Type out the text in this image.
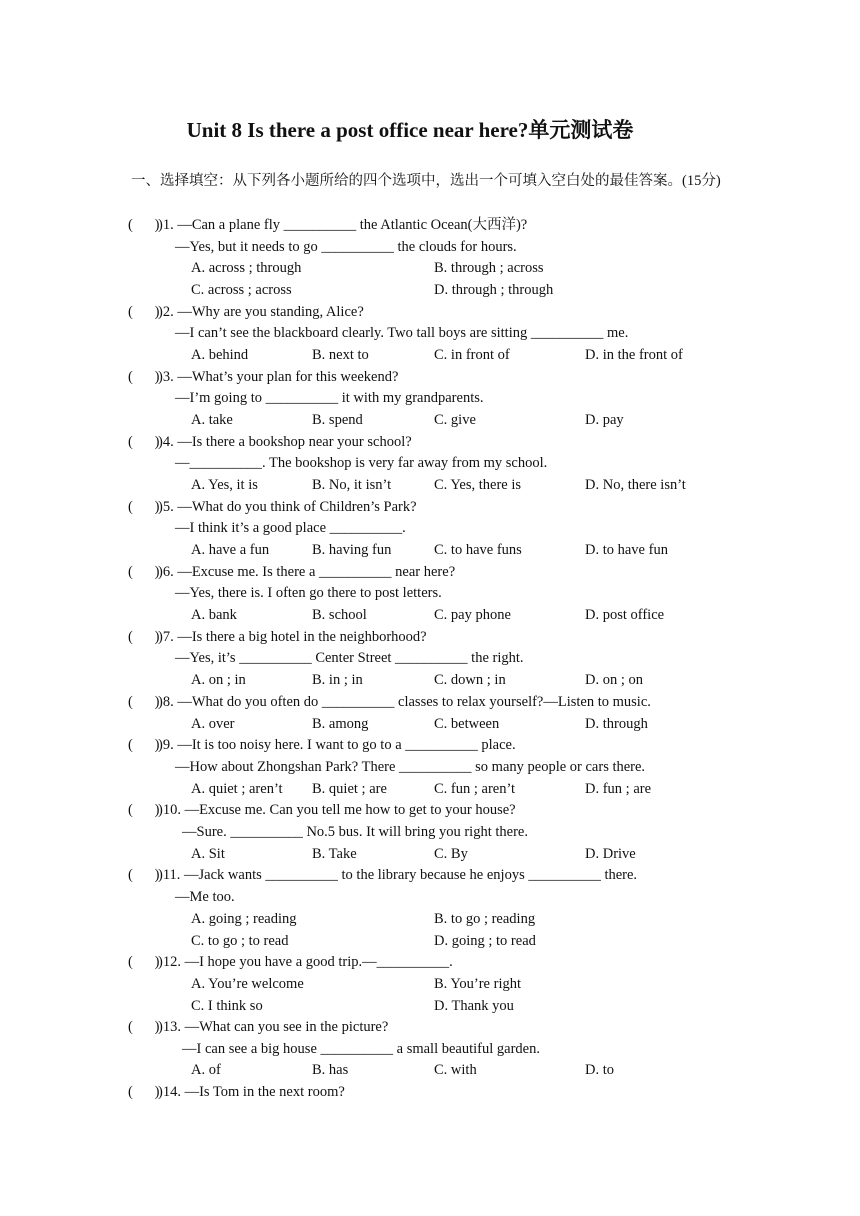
Unit 8 Is there a post office near here?单元测试卷
一、选择填空：从下列各小题所给的四个选项中，选出一个可填入空白处的最佳答案。(15分)
(      )
)1. —Can a plane fly __________ the Atlantic Ocean(大西洋)?
—Yes, but it needs to go __________ the clouds for hours.
A. across ; through	B. through ; across
C. across ; across	D. through ; through
(      )
)2. —Why are you standing, Alice?
—I can’t see the blackboard clearly. Two tall boys are sitting __________ me.
A. behind	B. next to	C. in front of	D. in the front of
(      )
)3. —What’s your plan for this weekend?
—I’m going to __________ it with my grandparents.
A. take	B. spend	C. give	D. pay
(      )
)4. —Is there a bookshop near your school?
—__________. The bookshop is very far away from my school.
A. Yes, it is	B. No, it isn’t	C. Yes, there is	D. No, there isn’t
(      )
)5. —What do you think of Children’s Park?
—I think it’s a good place __________.
A. have a fun	B. having fun	C. to have funs	D. to have fun
(      )
)6. —Excuse me. Is there a __________ near here?
—Yes, there is. I often go there to post letters.
A. bank	B. school	C. pay phone	D. post office
(      )
)7. —Is there a big hotel in the neighborhood?
—Yes, it’s __________ Center Street __________ the right.
A. on ; in	B. in ; in	C. down ; in	D. on ; on
(      )
)8. —What do you often do __________ classes to relax yourself?—Listen to music.
A. over	B. among	C. between	D. through
(      )
)9. —It is too noisy here. I want to go to a __________ place.
—How about Zhongshan Park? There __________ so many people or cars there.
A. quiet ; aren’t B. quiet ; are	C. fun ; aren’t	D. fun ; are
(      )
)10. —Excuse me. Can you tell me how to get to your house?
—Sure. __________ No.5 bus. It will bring you right there.
A. Sit	B. Take	C. By	D. Drive
(      )
)11. —Jack wants __________ to the library because he enjoys __________ there.
—Me too.
A. going ; reading	B. to go ; reading
C. to go ; to read	D. going ; to read
(      )
)12. —I hope you have a good trip.—__________.
A. You’re welcome	B. You’re right
C. I think so	D. Thank you
(      )
)13. —What can you see in the picture?
—I can see a big house __________ a small beautiful garden.
A. of	B. has	C. with	D. to
(      )
)14. —Is Tom in the next room?
